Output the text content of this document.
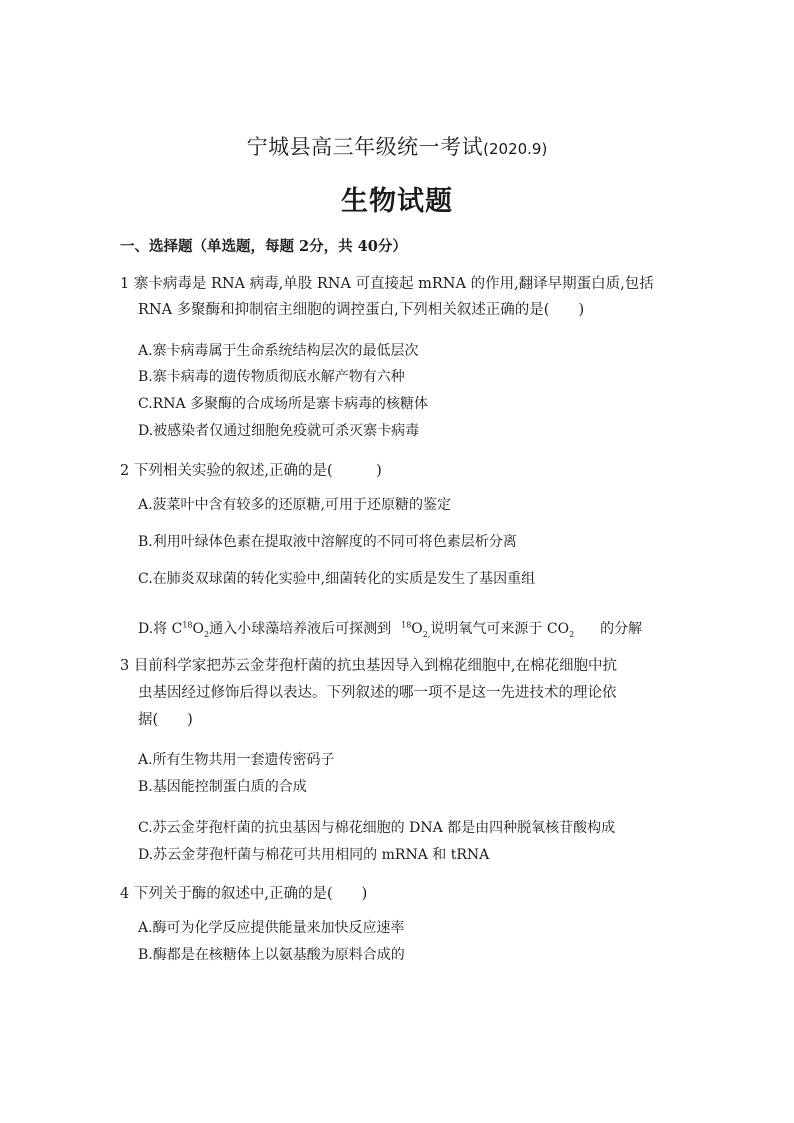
宁城县高三年级统一考试(2020.9)
生物试题
一、选择题（单选题，每题 2分，共 40分）
1 寨卡病毒是 RNA 病毒,单股 RNA 可直接起 mRNA 的作用,翻译早期蛋白质,包括
RNA 多聚酶和抑制宿主细胞的调控蛋白,下列相关叙述正确的是(　　)
A.寨卡病毒属于生命系统结构层次的最低层次
B.寨卡病毒的遗传物质彻底水解产物有六种
C.RNA 多聚酶的合成场所是寨卡病毒的核糖体
D.被感染者仅通过细胞免疫就可杀灭寨卡病毒
2 下列相关实验的叙述,正确的是(　　　)
A.菠菜叶中含有较多的还原糖,可用于还原糖的鉴定
B.利用叶绿体色素在提取液中溶解度的不同可将色素层析分离
C.在肺炎双球菌的转化实验中,细菌转化的实质是发生了基因重组
D.将 $C^{18}O_2$通入小球藻培养液后可探测到 $^{18}O_{2,}$说明氧气可来源于 $CO_2$ 的分解
3 目前科学家把苏云金芽孢杆菌的抗虫基因导入到棉花细胞中,在棉花细胞中抗
虫基因经过修饰后得以表达。下列叙述的哪一项不是这一先进技术的理论依
据(　　)
A.所有生物共用一套遗传密码子
B.基因能控制蛋白质的合成
C.苏云金芽孢杆菌的抗虫基因与棉花细胞的 DNA 都是由四种脱氧核苷酸构成
D.苏云金芽孢杆菌与棉花可共用相同的 mRNA 和 tRNA
4 下列关于酶的叙述中,正确的是(　　)
A.酶可为化学反应提供能量来加快反应速率
B.酶都是在核糖体上以氨基酸为原料合成的
